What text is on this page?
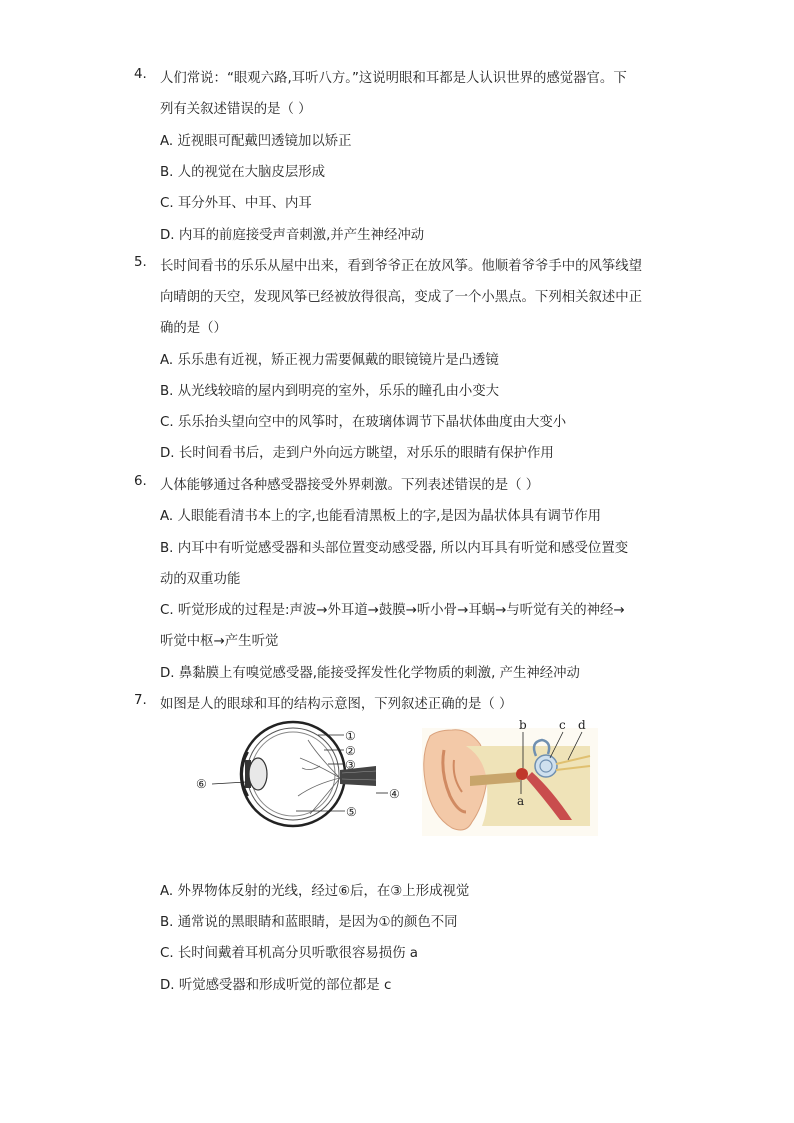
4. 人们常说：“眼观六路,耳听八方。”这说明眼和耳都是人认识世界的感觉器官。下
列有关叙述错误的是（ ）
A. 近视眼可配戴凹透镜加以矫正
B. 人的视觉在大脑皮层形成
C. 耳分外耳、中耳、内耳
D. 内耳的前庭接受声音刺激,并产生神经冲动
5. 长时间看书的乐乐从屋中出来，看到爷爷正在放风筝。他顺着爷爷手中的风筝线望
向晴朗的天空，发现风筝已经被放得很高，变成了一个小黑点。下列相关叙述中正
确的是（）
A. 乐乐患有近视，矫正视力需要佩戴的眼镜镜片是凸透镜
B. 从光线较暗的屋内到明亮的室外，乐乐的瞳孔由小变大
C. 乐乐抬头望向空中的风筝时，在玻璃体调节下晶状体曲度由大变小
D. 长时间看书后，走到户外向远方眺望，对乐乐的眼睛有保护作用
6. 人体能够通过各种感受器接受外界刺激。下列表述错误的是（ ）
A. 人眼能看清书本上的字,也能看清黑板上的字,是因为晶状体具有调节作用
B. 内耳中有听觉感受器和头部位置变动感受器, 所以内耳具有听觉和感受位置变
动的双重功能
C. 听觉形成的过程是:声波→外耳道→鼓膜→听小骨→耳蜗→与听觉有关的神经→
听觉中枢→产生听觉
D. 鼻黏膜上有嗅觉感受器,能接受挥发性化学物质的刺激, 产生神经冲动
7. 如图是人的眼球和耳的结构示意图，下列叙述正确的是（ ）
①
②
③
④
⑤
⑥
b	c d
a
A. 外界物体反射的光线，经过⑥后，在③上形成视觉
B. 通常说的黑眼睛和蓝眼睛，是因为①的颜色不同
C. 长时间戴着耳机高分贝听歌很容易损伤 a
D. 听觉感受器和形成听觉的部位都是 c
